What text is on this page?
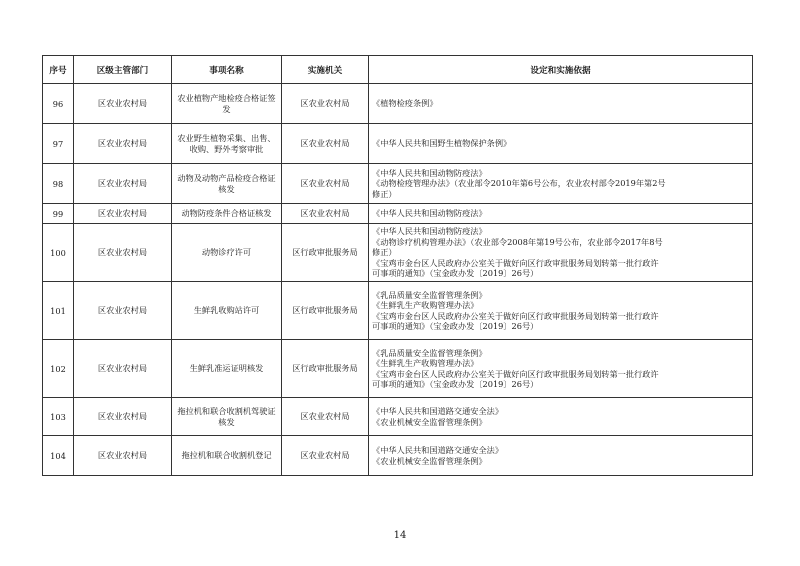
序号	区级主管部门	事项名称	实施机关	设定和实施依据
96	区农业农村局	农业植物产地检疫合格证签发	区农业农村局	《植物检疫条例》

97	区农业农村局	农业野生植物采集、出售、收购、野外考察审批	区农业农村局	《中华人民共和国野生植物保护条例》

98	区农业农村局	动物及动物产品检疫合格证核发	区农业农村局	《中华人民共和国动物防疫法》
《动物检疫管理办法》（农业部令2010年第6号公布，农业农村部令2019年第2号
修正）

99	区农业农村局	动物防疫条件合格证核发	区农业农村局	《中华人民共和国动物防疫法》

100	区农业农村局	动物诊疗许可	区行政审批服务局	《中华人民共和国动物防疫法》
《动物诊疗机构管理办法》（农业部令2008年第19号公布，农业部令2017年8号
修正）
《宝鸡市金台区人民政府办公室关于做好向区行政审批服务局划转第一批行政许
可事项的通知》（宝金政办发〔2019〕26号）

101	区农业农村局	生鲜乳收购站许可	区行政审批服务局	《乳品质量安全监督管理条例》
《生鲜乳生产收购管理办法》
《宝鸡市金台区人民政府办公室关于做好向区行政审批服务局划转第一批行政许
可事项的通知》（宝金政办发〔2019〕26号）

102	区农业农村局	生鲜乳准运证明核发	区行政审批服务局	《乳品质量安全监督管理条例》
《生鲜乳生产收购管理办法》
《宝鸡市金台区人民政府办公室关于做好向区行政审批服务局划转第一批行政许
可事项的通知》（宝金政办发〔2019〕26号）

103	区农业农村局	拖拉机和联合收割机驾驶证核发	区农业农村局	《中华人民共和国道路交通安全法》
《农业机械安全监督管理条例》

104	区农业农村局	拖拉机和联合收割机登记	区农业农村局	《中华人民共和国道路交通安全法》
《农业机械安全监督管理条例》
14
